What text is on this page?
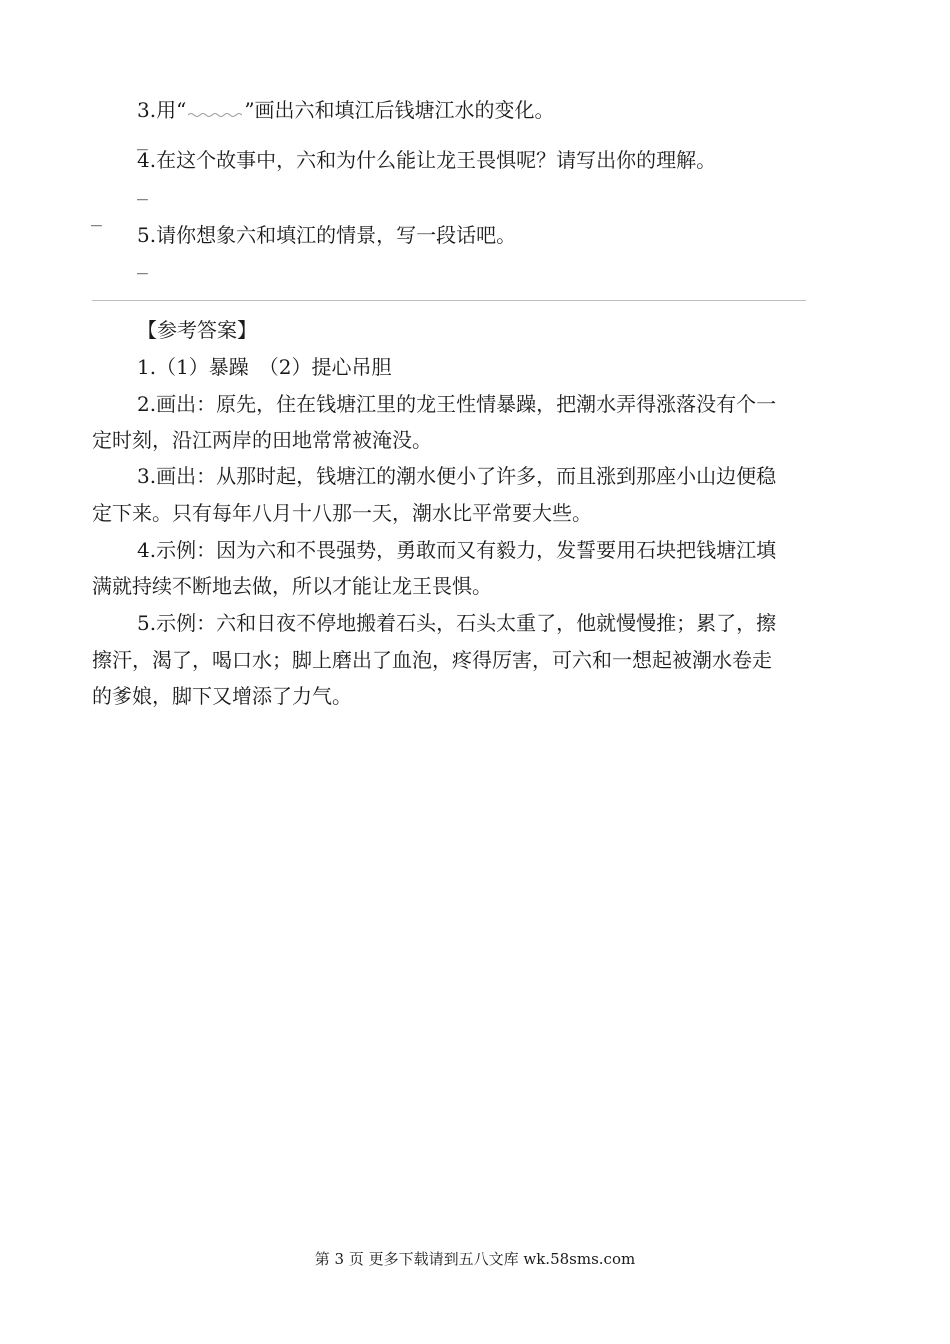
3.用“	”画出六和填江后钱塘江水的变化。
_
4.在这个故事中，六和为什么能让龙王畏惧呢？请写出你的理解。
_
_
5.请你想象六和填江的情景，写一段话吧。
_
【参考答案】
1.（1）暴躁　（2）提心吊胆
2.画出：原先，住在钱塘江里的龙王性情暴躁，把潮水弄得涨落没有个一
定时刻，沿江两岸的田地常常被淹没。
3.画出：从那时起，钱塘江的潮水便小了许多，而且涨到那座小山边便稳
定下来。只有每年八月十八那一天，潮水比平常要大些。
4.示例：因为六和不畏强势，勇敢而又有毅力，发誓要用石块把钱塘江填
满就持续不断地去做，所以才能让龙王畏惧。
5.示例：六和日夜不停地搬着石头，石头太重了，他就慢慢推；累了，擦
擦汗，渴了，喝口水；脚上磨出了血泡，疼得厉害，可六和一想起被潮水卷走
的爹娘，脚下又增添了力气。
第 3 页 更多下载请到五八文库 wk.58sms.com
